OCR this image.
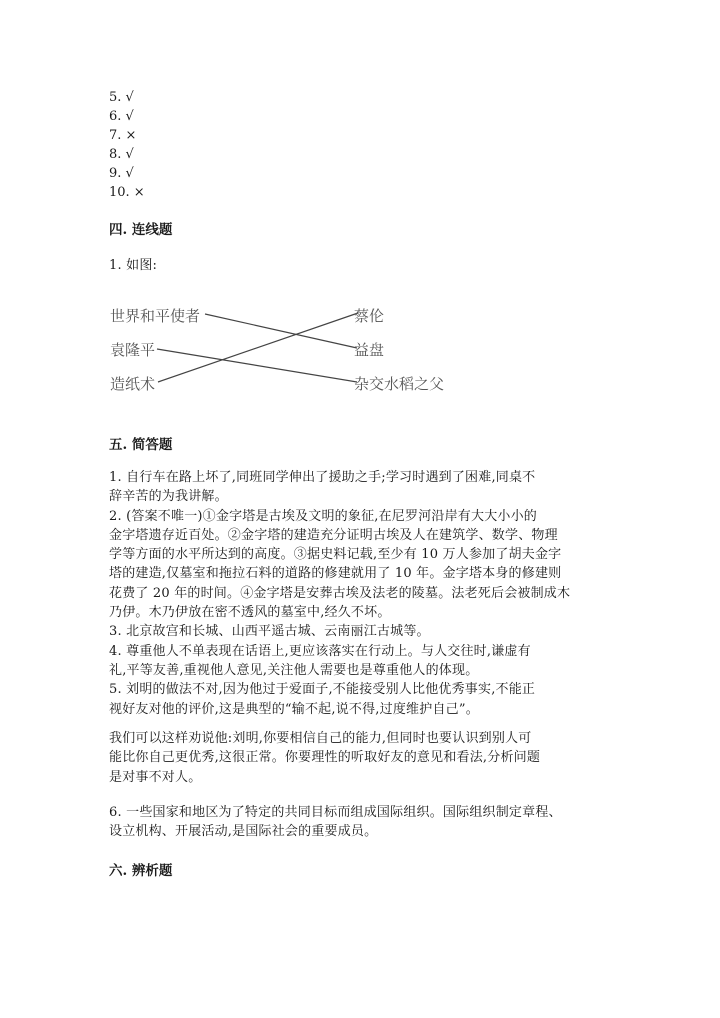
5. √
6. √
7. ×
8. √
9. √
10. ×
四. 连线题
1. 如图:
世界和平使者
袁隆平
造纸术
蔡伦
益盘
杂交水稻之父
五. 简答题
1. 自行车在路上坏了,同班同学伸出了援助之手;学习时遇到了困难,同桌不
辞辛苦的为我讲解。
2. (答案不唯一)①金字塔是古埃及文明的象征,在尼罗河沿岸有大大小小的
金字塔遗存近百处。②金字塔的建造充分证明古埃及人在建筑学、数学、物理
学等方面的水平所达到的高度。③据史料记载,至少有 10 万人参加了胡夫金字
塔的建造,仅墓室和拖拉石料的道路的修建就用了 10 年。金字塔本身的修建则
花费了 20 年的时间。④金字塔是安葬古埃及法老的陵墓。法老死后会被制成木
乃伊。木乃伊放在密不透风的墓室中,经久不坏。
3. 北京故宫和长城、山西平遥古城、云南丽江古城等。
4. 尊重他人不单表现在话语上,更应该落实在行动上。与人交往时,谦虚有
礼,平等友善,重视他人意见,关注他人需要也是尊重他人的体现。
5. 刘明的做法不对,因为他过于爱面子,不能接受别人比他优秀事实,不能正
视好友对他的评价,这是典型的“输不起,说不得,过度维护自己”。
我们可以这样劝说他:刘明,你要相信自己的能力,但同时也要认识到别人可
能比你自己更优秀,这很正常。你要理性的听取好友的意见和看法,分析问题
是对事不对人。
6. 一些国家和地区为了特定的共同目标而组成国际组织。国际组织制定章程、
设立机构、开展活动,是国际社会的重要成员。
六. 辨析题
